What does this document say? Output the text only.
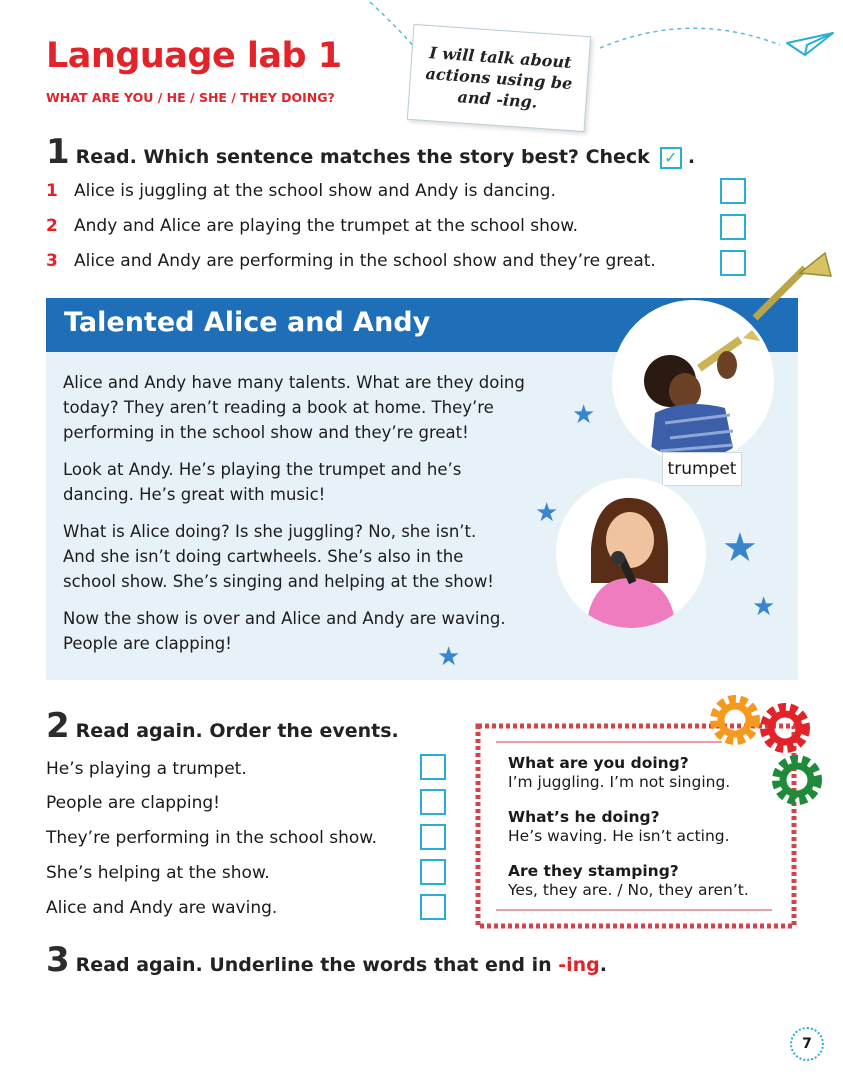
Language lab 1
WHAT ARE YOU / HE / SHE / THEY DOING?
I will talk about
actions using be
and -ing.
1 Read. Which sentence matches the story best? Check ✓ .
1 Alice is juggling at the school show and Andy is dancing.
2 Andy and Alice are playing the trumpet at the school show.
3 Alice and Andy are performing in the school show and they’re great.
Talented Alice and Andy
Alice and Andy have many talents. What are they doing
today? They aren’t reading a book at home. They’re
performing in the school show and they’re great!
Look at Andy. He’s playing the trumpet and he’s
dancing. He’s great with music!
What is Alice doing? Is she juggling? No, she isn’t.
And she isn’t doing cartwheels. She’s also in the
school show. She’s singing and helping at the show!
Now the show is over and Alice and Andy are waving.
People are clapping!
trumpet
★
★
★
★
★
2 Read again. Order the events.
He’s playing a trumpet.
People are clapping!
They’re performing in the school show.
She’s helping at the show.
Alice and Andy are waving.
What are you doing?
I’m juggling. I’m not singing.
What’s he doing?
He’s waving. He isn’t acting.
Are they stamping?
Yes, they are. / No, they aren’t.
3 Read again. Underline the words that end in -ing.
7
